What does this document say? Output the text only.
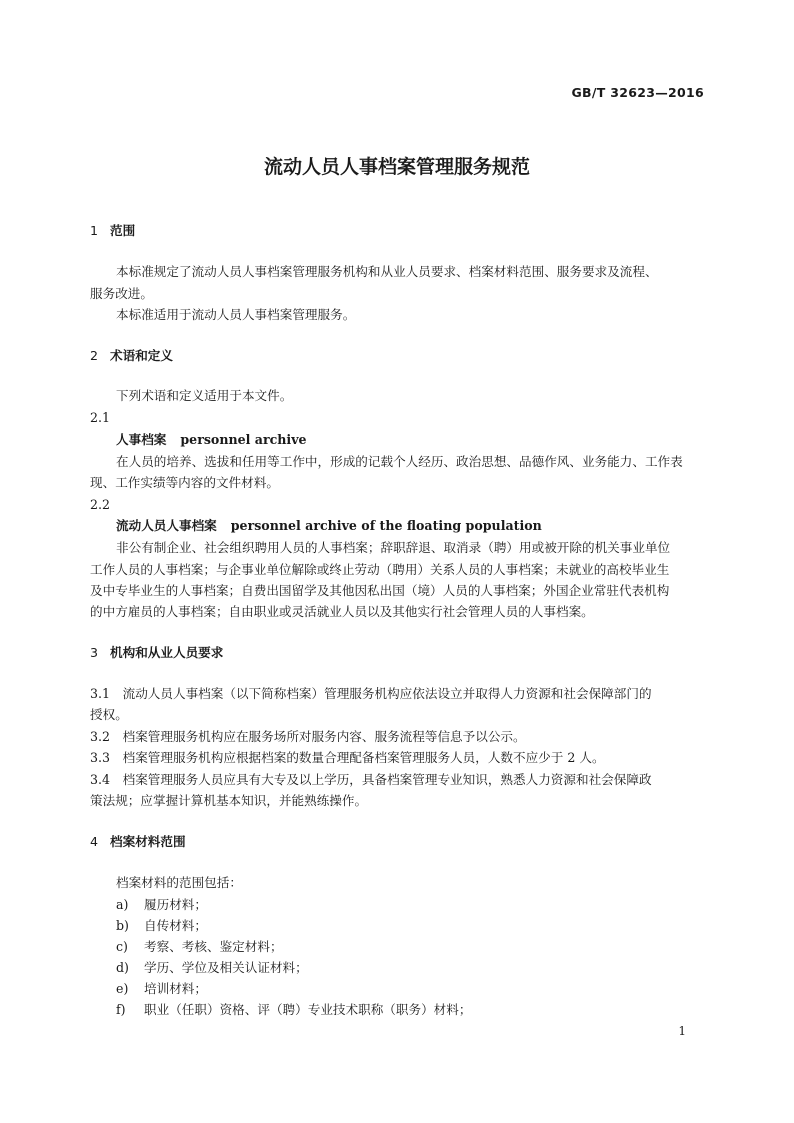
GB/T 32623—2016
流动人员人事档案管理服务规范
1 范围
本标准规定了流动人员人事档案管理服务机构和从业人员要求、档案材料范围、服务要求及流程、
服务改进。
本标准适用于流动人员人事档案管理服务。
2 术语和定义
下列术语和定义适用于本文件。
2.1
人事档案 personnel archive
在人员的培养、选拔和任用等工作中，形成的记载个人经历、政治思想、品德作风、业务能力、工作表
现、工作实绩等内容的文件材料。
2.2
流动人员人事档案 personnel archive of the floating population
非公有制企业、社会组织聘用人员的人事档案；辞职辞退、取消录（聘）用或被开除的机关事业单位
工作人员的人事档案；与企事业单位解除或终止劳动（聘用）关系人员的人事档案；未就业的高校毕业生
及中专毕业生的人事档案；自费出国留学及其他因私出国（境）人员的人事档案；外国企业常驻代表机构
的中方雇员的人事档案；自由职业或灵活就业人员以及其他实行社会管理人员的人事档案。
3 机构和从业人员要求
3.1　流动人员人事档案（以下简称档案）管理服务机构应依法设立并取得人力资源和社会保障部门的
授权。
3.2　档案管理服务机构应在服务场所对服务内容、服务流程等信息予以公示。
3.3　档案管理服务机构应根据档案的数量合理配备档案管理服务人员，人数不应少于 2 人。
3.4　档案管理服务人员应具有大专及以上学历，具备档案管理专业知识，熟悉人力资源和社会保障政
策法规；应掌握计算机基本知识，并能熟练操作。
4 档案材料范围
档案材料的范围包括：
a) 履历材料；
b) 自传材料；
c) 考察、考核、鉴定材料；
d) 学历、学位及相关认证材料；
e) 培训材料；
f) 职业（任职）资格、评（聘）专业技术职称（职务）材料；
1
